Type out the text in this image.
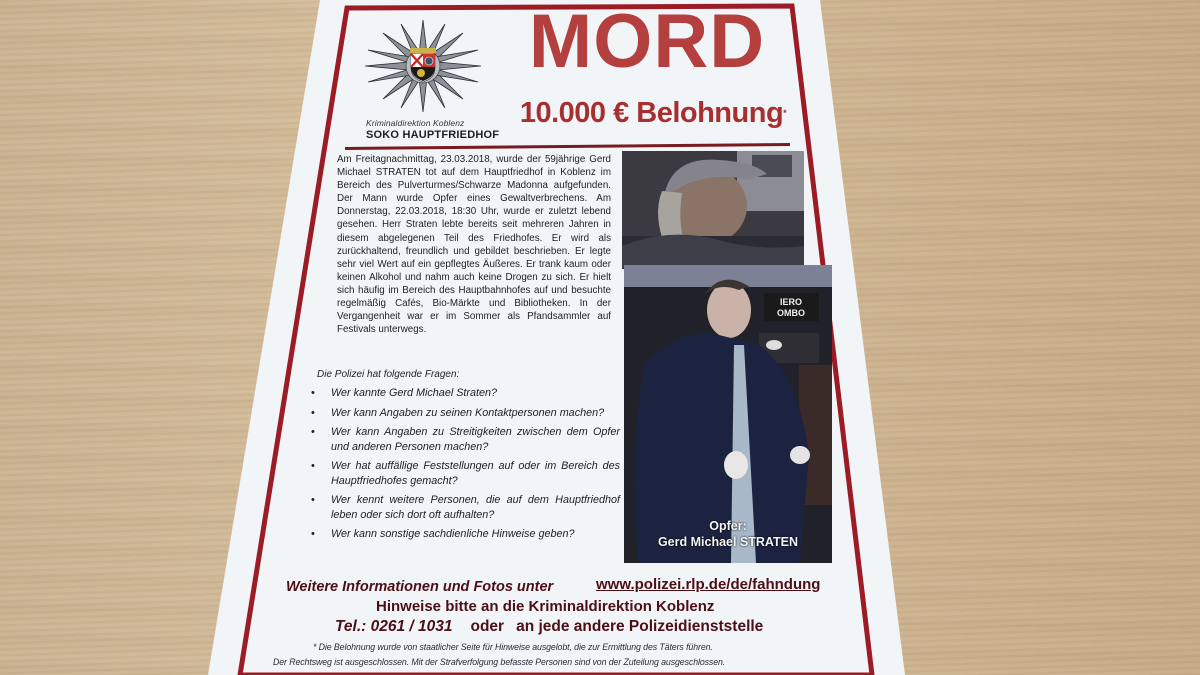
Kriminaldirektion Koblenz
SOKO HAUPTFRIEDHOF
MORD
10.000 € Belohnung*

Am Freitagnachmittag, 23.03.2018, wurde der 59jährige Gerd Michael STRATEN tot auf dem Hauptfriedhof in Koblenz im Bereich des Pulverturmes/Schwarze Madonna aufgefunden. Der Mann wurde Opfer eines Gewaltverbrechens. Am Donnerstag, 22.03.2018, 18:30 Uhr, wurde er zuletzt lebend gesehen. Herr Straten lebte bereits seit mehreren Jahren in diesem abgelegenen Teil des Friedhofes. Er wird als zurückhaltend, freundlich und gebildet beschrieben. Er legte sehr viel Wert auf ein gepflegtes Äußeres. Er trank kaum oder keinen Alkohol und nahm auch keine Drogen zu sich. Er hielt sich häufig im Bereich des Hauptbahnhofes auf und besuchte regelmäßig Cafés, Bio-Märkte und Bibliotheken. In der Vergangenheit war er im Sommer als Pfandsammler auf Festivals unterwegs.

Die Polizei hat folgende Fragen:
• Wer kannte Gerd Michael Straten?
• Wer kann Angaben zu seinen Kontaktpersonen machen?
• Wer kann Angaben zu Streitigkeiten zwischen dem Opfer und anderen Personen machen?
• Wer hat auffällige Feststellungen auf oder im Bereich des Hauptfriedhofes gemacht?
• Wer kennt weitere Personen, die auf dem Hauptfriedhof leben oder sich dort oft aufhalten?
• Wer kann sonstige sachdienliche Hinweise geben?
IERO
OMBO
Opfer:
Gerd Michael STRATEN
Weitere Informationen und Fotos unter	www.polizei.rlp.de/de/fahndung
Hinweise bitte an die Kriminaldirektion Koblenz
Tel.: 0261 / 1031 oder an jede andere Polizeidienststelle
* Die Belohnung wurde von staatlicher Seite für Hinweise ausgelobt, die zur Ermittlung des Täters führen.
Der Rechtsweg ist ausgeschlossen. Mit der Strafverfolgung befasste Personen sind von der Zuteilung ausgeschlossen.
